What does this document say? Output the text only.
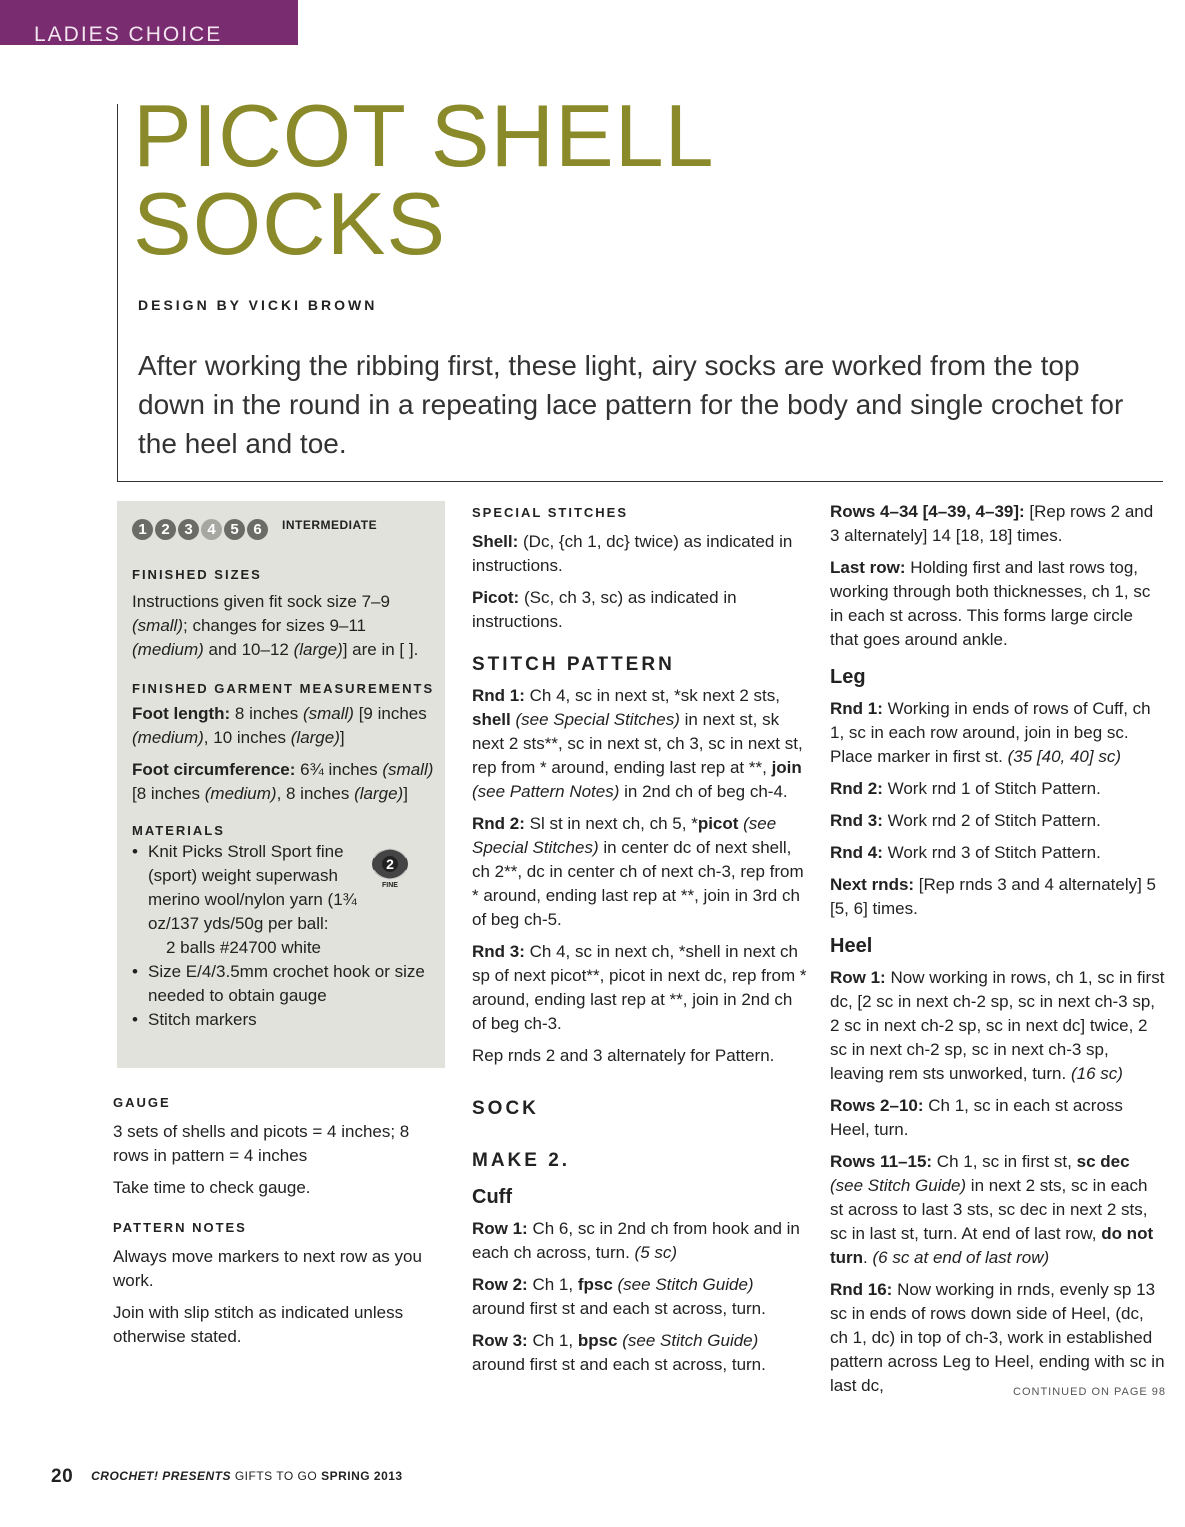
LADIES CHOICE
PICOT SHELL
SOCKS
DESIGN BY VICKI BROWN
After working the ribbing first, these light, airy socks are worked from the top down in the round in a repeating lace pattern for the body and single crochet for the heel and toe.
1 2 3 4 5 6	INTERMEDIATE

FINISHED SIZES

Instructions given fit sock size 7–9 (small); changes for sizes 9–11 (medium) and 10–12 (large)] are in [ ].

FINISHED GARMENT MEASUREMENTS

Foot length: 8 inches (small) [9 inches (medium), 10 inches (large)]

Foot circumference: 6¾ inches (small) [8 inches (medium), 8 inches (large)]

MATERIALS

• Knit Picks Stroll Sport fine (sport) weight superwash merino wool/nylon yarn (1¾ oz/137 yds/50g per ball:
2 balls #24700 white
• Size E/4/3.5mm crochet hook or size needed to obtain gauge
• Stitch markers
2
FINE

GAUGE

3 sets of shells and picots = 4 inches; 8 rows in pattern = 4 inches

Take time to check gauge.

PATTERN NOTES

Always move markers to next row as you work.

Join with slip stitch as indicated unless otherwise stated.

SPECIAL STITCHES

Shell: (Dc, {ch 1, dc} twice) as indicated in instructions.

Picot: (Sc, ch 3, sc) as indicated in instructions.

STITCH PATTERN

Rnd 1: Ch 4, sc in next st, *sk next 2 sts, shell (see Special Stitches) in next st, sk next 2 sts**, sc in next st, ch 3, sc in next st, rep from * around, ending last rep at **, join (see Pattern Notes) in 2nd ch of beg ch-4.

Rnd 2: Sl st in next ch, ch 5, *picot (see Special Stitches) in center dc of next shell, ch 2**, dc in center ch of next ch-3, rep from * around, ending last rep at **, join in 3rd ch of beg ch-5.

Rnd 3: Ch 4, sc in next ch, *shell in next ch sp of next picot**, picot in next dc, rep from * around, ending last rep at **, join in 2nd ch of beg ch-3.

Rep rnds 2 and 3 alternately for Pattern.

SOCK

MAKE 2.

Cuff

Row 1: Ch 6, sc in 2nd ch from hook and in each ch across, turn. (5 sc)

Row 2: Ch 1, fpsc (see Stitch Guide) around first st and each st across, turn.

Row 3: Ch 1, bpsc (see Stitch Guide) around first st and each st across, turn.

Rows 4–34 [4–39, 4–39]: [Rep rows 2 and 3 alternately] 14 [18, 18] times.

Last row: Holding first and last rows tog, working through both thicknesses, ch 1, sc in each st across. This forms large circle that goes around ankle.

Leg

Rnd 1: Working in ends of rows of Cuff, ch 1, sc in each row around, join in beg sc. Place marker in first st. (35 [40, 40] sc)

Rnd 2: Work rnd 1 of Stitch Pattern.

Rnd 3: Work rnd 2 of Stitch Pattern.

Rnd 4: Work rnd 3 of Stitch Pattern.

Next rnds: [Rep rnds 3 and 4 alternately] 5 [5, 6] times.

Heel

Row 1: Now working in rows, ch 1, sc in first dc, [2 sc in next ch-2 sp, sc in next ch-3 sp, 2 sc in next ch-2 sp, sc in next dc] twice, 2 sc in next ch-2 sp, sc in next ch-3 sp, leaving rem sts unworked, turn. (16 sc)

Rows 2–10: Ch 1, sc in each st across Heel, turn.

Rows 11–15: Ch 1, sc in first st, sc dec (see Stitch Guide) in next 2 sts, sc in each st across to last 3 sts, sc dec in next 2 sts, sc in last st, turn. At end of last row, do not turn. (6 sc at end of last row)

Rnd 16: Now working in rnds, evenly sp 13 sc in ends of rows down side of Heel, (dc, ch 1, dc) in top of ch-3, work in established pattern across Leg to Heel, ending with sc in last dc,	CONTINUED ON PAGE 98
20 CROCHET! PRESENTS GIFTS TO GO SPRING 2013
